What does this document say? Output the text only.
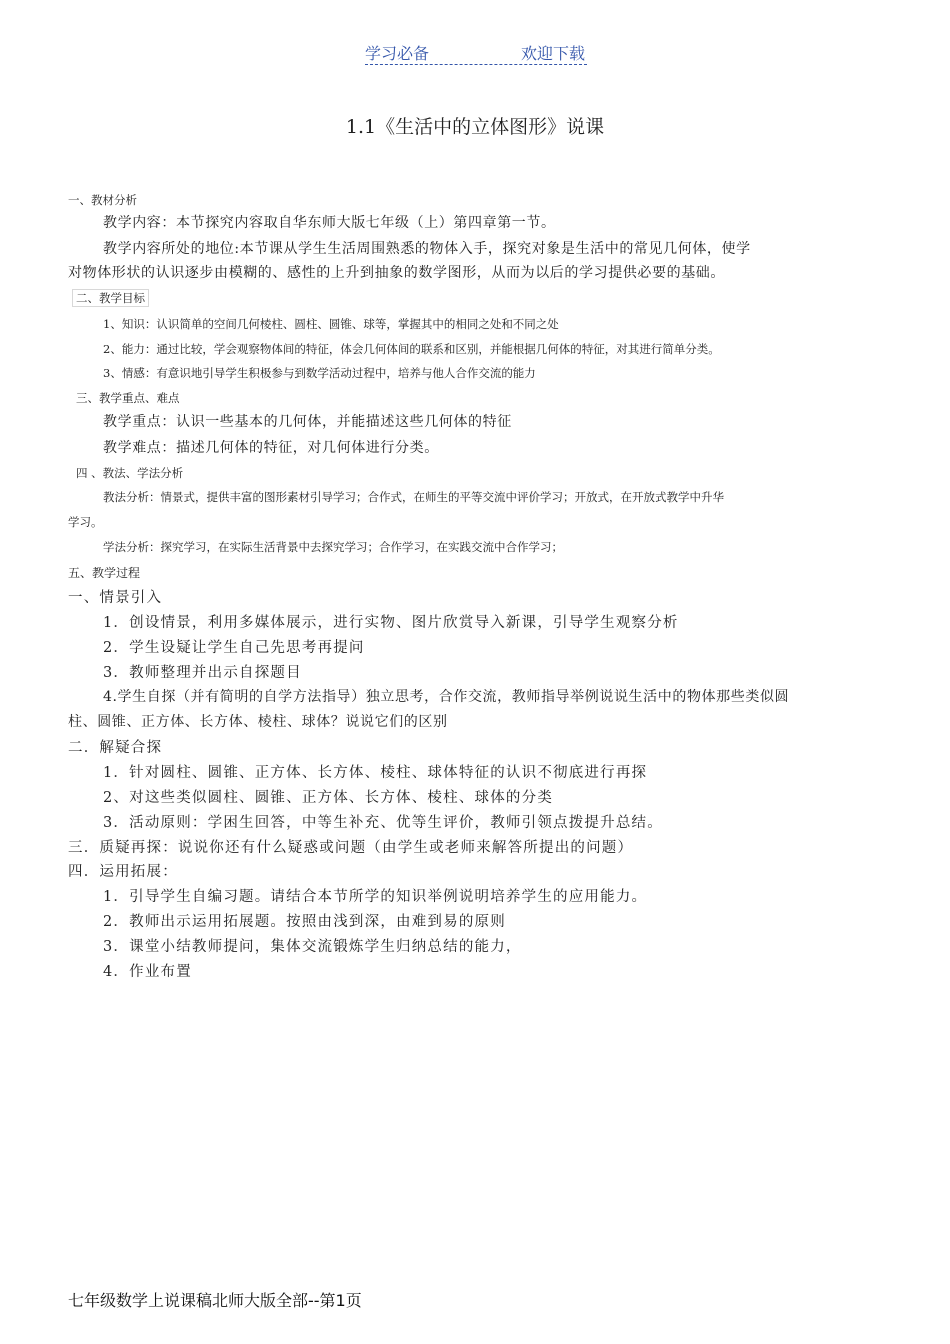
学习必备	欢迎下载
1.1《生活中的立体图形》说课
一、教材分析
教学内容：本节探究内容取自华东师大版七年级（上）第四章第一节。
教学内容所处的地位:本节课从学生生活周围熟悉的物体入手，探究对象是生活中的常见几何体，使学
对物体形状的认识逐步由模糊的、感性的上升到抽象的数学图形，从而为以后的学习提供必要的基础。
二、教学目标
1、知识：认识简单的空间几何棱柱、圆柱、圆锥、球等，掌握其中的相同之处和不同之处
2、能力：通过比较，学会观察物体间的特征，体会几何体间的联系和区别，并能根据几何体的特征，对其进行简单分类。
3、情感：有意识地引导学生积极参与到数学活动过程中，培养与他人合作交流的能力
三、教学重点、难点
教学重点：认识一些基本的几何体，并能描述这些几何体的特征
教学难点：描述几何体的特征，对几何体进行分类。
四 、教法、学法分析
教法分析：情景式，提供丰富的图形素材引导学习；合作式，在师生的平等交流中评价学习；开放式，在开放式教学中升华
学习。
学法分析：探究学习，在实际生活背景中去探究学习；合作学习，在实践交流中合作学习；
五、教学过程
一、情景引入
1．创设情景，利用多媒体展示，进行实物、图片欣赏导入新课，引导学生观察分析
2．学生设疑让学生自己先思考再提问
3．教师整理并出示自探题目
4.学生自探（并有简明的自学方法指导）独立思考，合作交流，教师指导举例说说生活中的物体那些类似圆
柱、圆锥、正方体、长方体、棱柱、球体？说说它们的区别
二．解疑合探
1．针对圆柱、圆锥、正方体、长方体、棱柱、球体特征的认识不彻底进行再探
2、对这些类似圆柱、圆锥、正方体、长方体、棱柱、球体的分类
3．活动原则：学困生回答，中等生补充、优等生评价，教师引领点拨提升总结。
三．质疑再探：说说你还有什么疑惑或问题（由学生或老师来解答所提出的问题）
四．运用拓展：
1．引导学生自编习题。请结合本节所学的知识举例说明培养学生的应用能力。
2．教师出示运用拓展题。按照由浅到深，由难到易的原则
3．课堂小结教师提问，集体交流锻炼学生归纳总结的能力，
4．作业布置
七年级数学上说课稿北师大版全部--第1页
